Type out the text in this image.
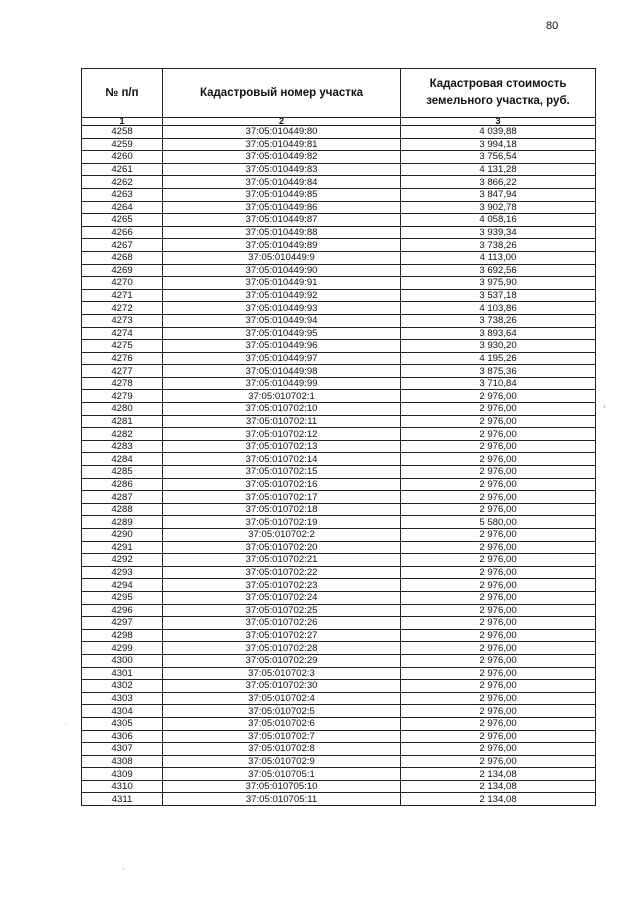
80
№ п/п	Кадастровый номер участка	Кадастровая стоимость земельного участка, руб.
1	2	3
4258	37:05:010449:80	4 039,88
4259	37:05:010449:81	3 994,18
4260	37:05:010449:82	3 756,54
4261	37:05:010449:83	4 131,28
4262	37:05:010449:84	3 866,22
4263	37:05:010449:85	3 847,94
4264	37:05:010449:86	3 902,78
4265	37:05:010449:87	4 058,16
4266	37:05:010449:88	3 939,34
4267	37:05:010449:89	3 738,26
4268	37:05:010449:9	4 113,00
4269	37:05:010449:90	3 692,56
4270	37:05:010449:91	3 975,90
4271	37:05:010449:92	3 537,18
4272	37:05:010449:93	4 103,86
4273	37:05:010449:94	3 738,26
4274	37:05:010449:95	3 893,64
4275	37:05:010449:96	3 930,20
4276	37:05:010449:97	4 195,26
4277	37:05:010449:98	3 875,36
4278	37:05:010449:99	3 710,84
4279	37:05:010702:1	2 976,00
4280	37:05:010702:10	2 976,00
4281	37:05:010702:11	2 976,00
4282	37:05:010702:12	2 976,00
4283	37:05:010702:13	2 976,00
4284	37:05:010702:14	2 976,00
4285	37:05:010702:15	2 976,00
4286	37:05:010702:16	2 976,00
4287	37:05:010702:17	2 976,00
4288	37:05:010702:18	2 976,00
4289	37:05:010702:19	5 580,00
4290	37:05:010702:2	2 976,00
4291	37:05:010702:20	2 976,00
4292	37:05:010702:21	2 976,00
4293	37:05:010702:22	2 976,00
4294	37:05:010702:23	2 976,00
4295	37:05:010702:24	2 976,00
4296	37:05:010702:25	2 976,00
4297	37:05:010702:26	2 976,00
4298	37:05:010702:27	2 976,00
4299	37:05:010702:28	2 976,00
4300	37:05:010702:29	2 976,00
4301	37:05:010702:3	2 976,00
4302	37:05:010702:30	2 976,00
4303	37:05:010702:4	2 976,00
4304	37:05:010702:5	2 976,00
4305	37:05:010702:6	2 976,00
4306	37:05:010702:7	2 976,00
4307	37:05:010702:8	2 976,00
4308	37:05:010702:9	2 976,00
4309	37:05:010705:1	2 134,08
4310	37:05:010705:10	2 134,08
4311	37:05:010705:11	2 134,08
›
·
,
